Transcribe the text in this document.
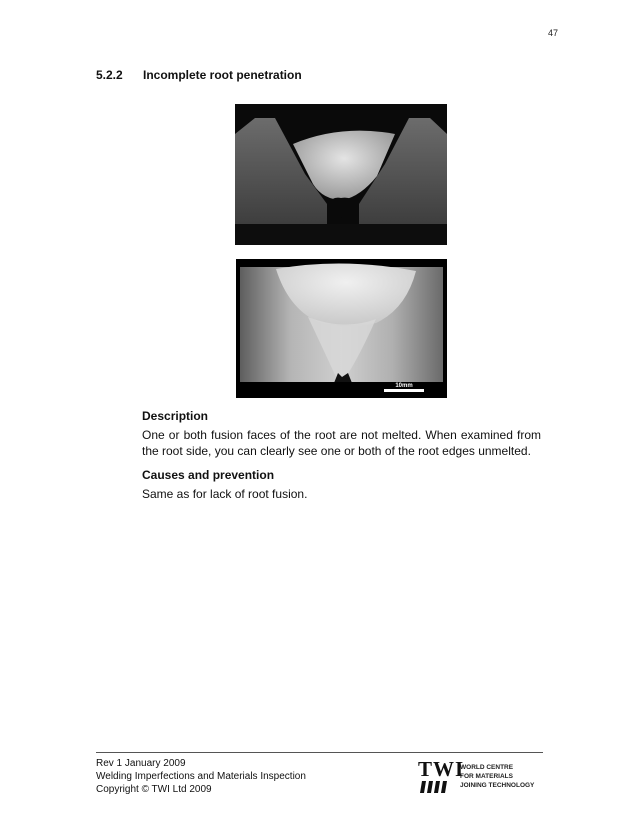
47
5.2.2 Incomplete root penetration
10mm

Description

One or both fusion faces of the root are not melted. When examined from the root side, you can clearly see one or both of the root edges unmelted.

Causes and prevention

Same as for lack of root fusion.

Rev 1 January 2009
Welding Imperfections and Materials Inspection
Copyright © TWI Ltd 2009
TWI
WORLD CENTRE
FOR MATERIALS
JOINING TECHNOLOGY
